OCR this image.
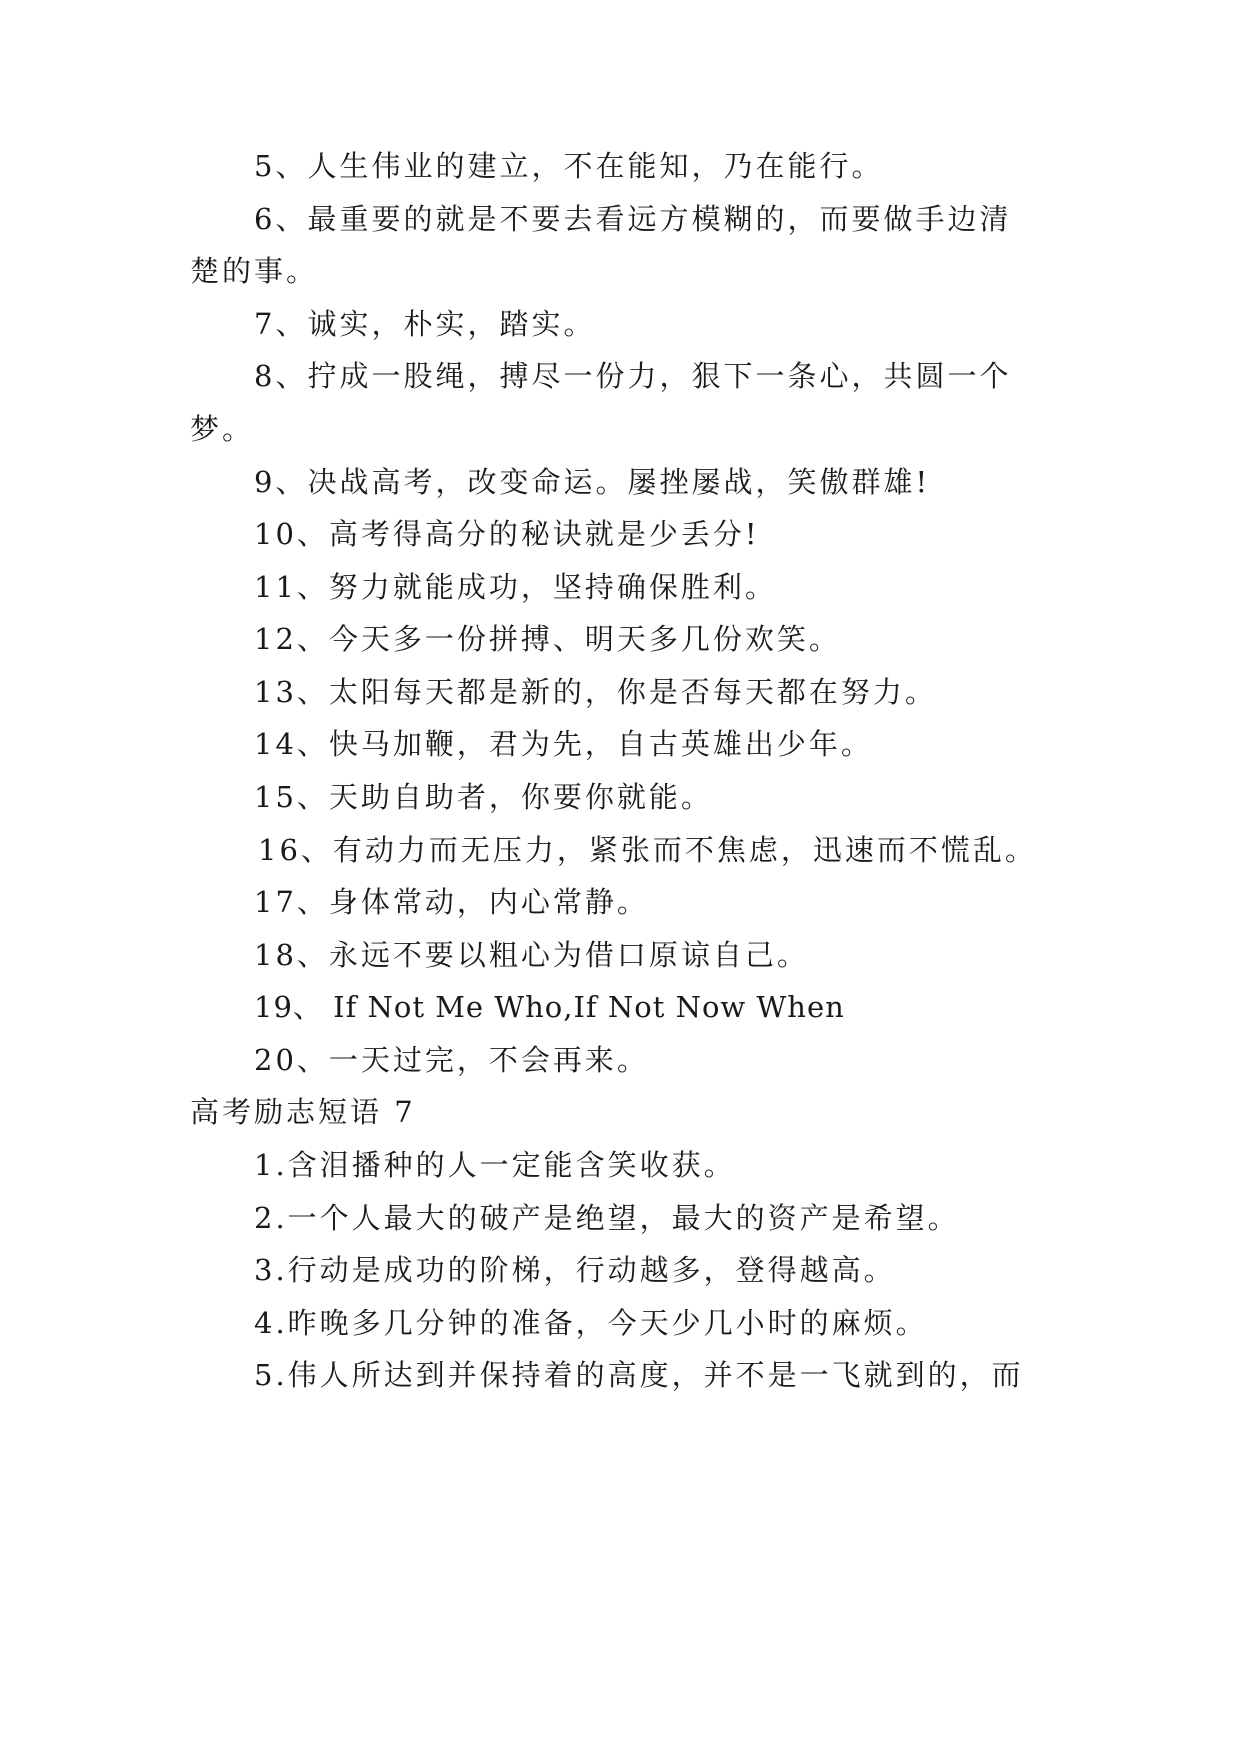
5、人生伟业的建立，不在能知，乃在能行。
6、最重要的就是不要去看远方模糊的，而要做手边清
楚的事。
7、诚实，朴实，踏实。
8、拧成一股绳，搏尽一份力，狠下一条心，共圆一个
梦。
9、决战高考，改变命运。屡挫屡战，笑傲群雄!
10、高考得高分的秘诀就是少丢分!
11、努力就能成功，坚持确保胜利。
12、今天多一份拼搏、明天多几份欢笑。
13、太阳每天都是新的，你是否每天都在努力。
14、快马加鞭，君为先，自古英雄出少年。
15、天助自助者，你要你就能。
16、有动力而无压力，紧张而不焦虑，迅速而不慌乱。
17、身体常动，内心常静。
18、永远不要以粗心为借口原谅自己。
19、 If Not Me Who,If Not Now When
20、一天过完，不会再来。
高考励志短语 7
1.含泪播种的人一定能含笑收获。
2.一个人最大的破产是绝望，最大的资产是希望。
3.行动是成功的阶梯，行动越多，登得越高。
4.昨晚多几分钟的准备，今天少几小时的麻烦。
5.伟人所达到并保持着的高度，并不是一飞就到的，而
